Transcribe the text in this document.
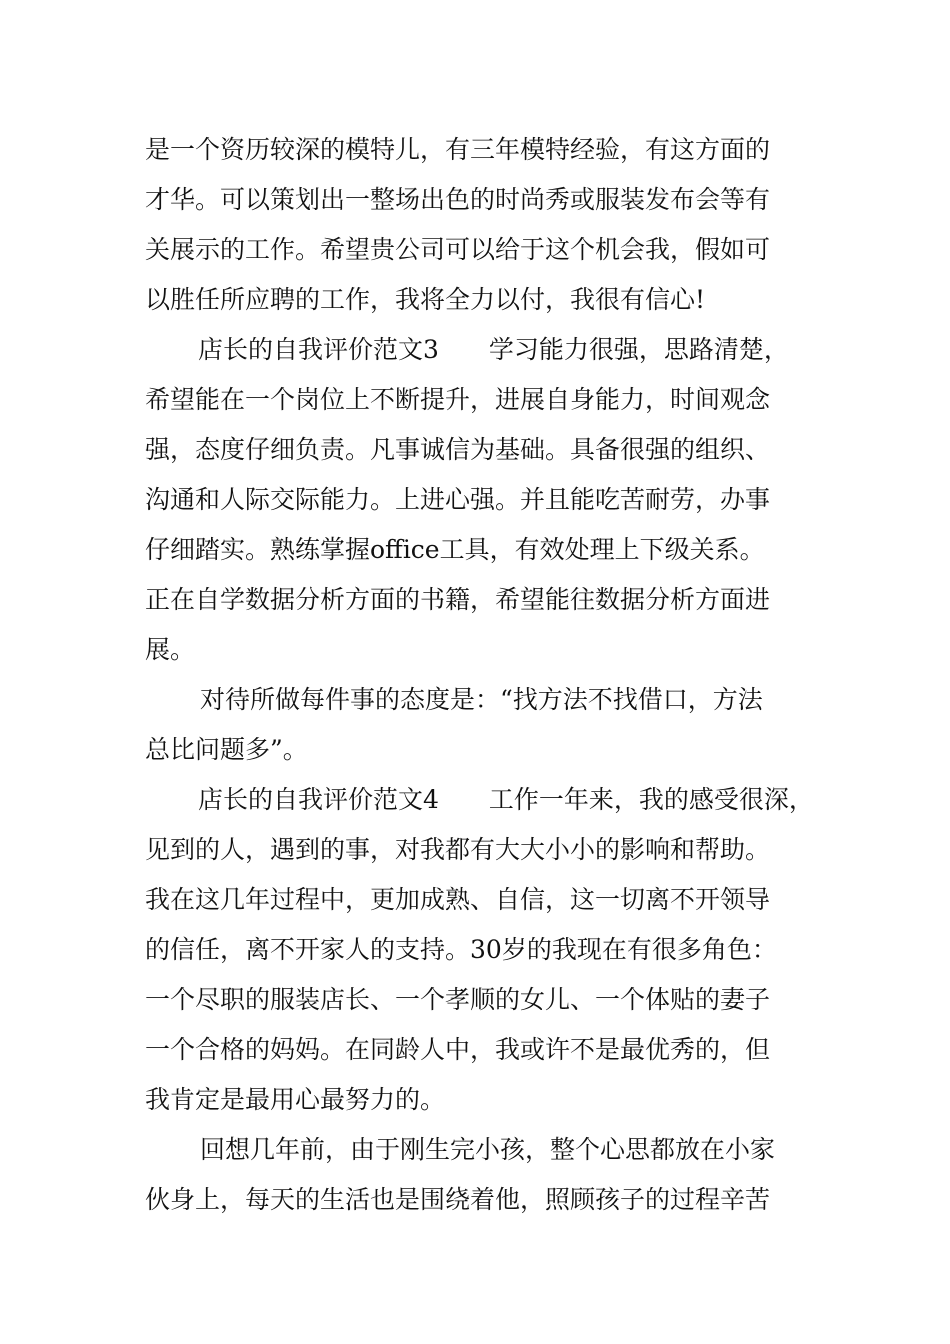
是一个资历较深的模特儿，有三年模特经验，有这方面的
才华。可以策划出一整场出色的时尚秀或服装发布会等有
关展示的工作。希望贵公司可以给于这个机会我，假如可
以胜任所应聘的工作，我将全力以付，我很有信心!
店长的自我评价范文3　　学习能力很强，思路清楚，
希望能在一个岗位上不断提升，进展自身能力，时间观念
强，态度仔细负责。凡事诚信为基础。具备很强的组织、
沟通和人际交际能力。上进心强。并且能吃苦耐劳，办事
仔细踏实。熟练掌握office工具，有效处理上下级关系。
正在自学数据分析方面的书籍，希望能往数据分析方面进
展。
对待所做每件事的态度是：“找方法不找借口，方法
总比问题多”。
店长的自我评价范文4　　工作一年来，我的感受很深，
见到的人，遇到的事，对我都有大大小小的影响和帮助。
我在这几年过程中，更加成熟、自信，这一切离不开领导
的信任，离不开家人的支持。30岁的我现在有很多角色：
一个尽职的服装店长、一个孝顺的女儿、一个体贴的妻子
一个合格的妈妈。在同龄人中，我或许不是最优秀的，但
我肯定是最用心最努力的。
回想几年前，由于刚生完小孩，整个心思都放在小家
伙身上，每天的生活也是围绕着他，照顾孩子的过程辛苦
